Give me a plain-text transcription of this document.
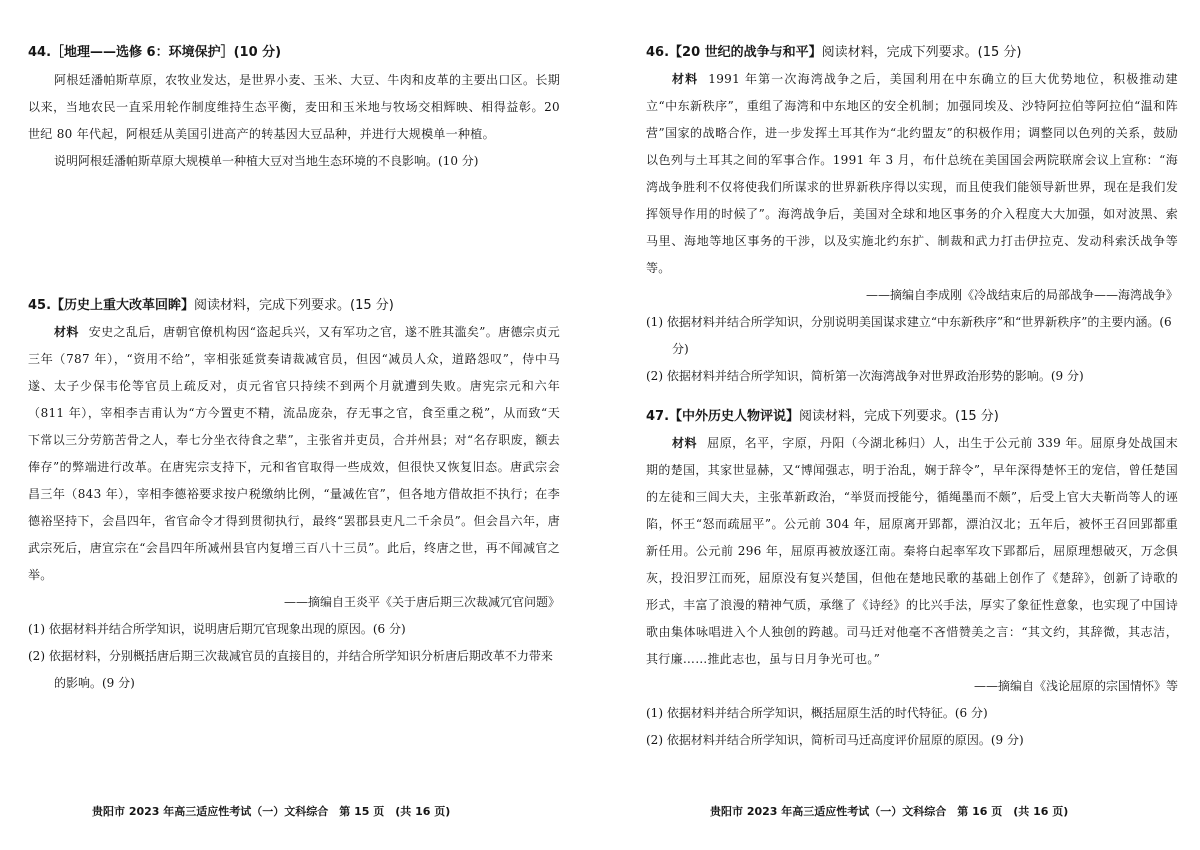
44.［地理——选修 6：环境保护］(10 分)

阿根廷潘帕斯草原，农牧业发达，是世界小麦、玉米、大豆、牛肉和皮革的主要出口区。长期以来，当地农民一直采用轮作制度维持生态平衡，麦田和玉米地与牧场交相辉映、相得益彰。20 世纪 80 年代起，阿根廷从美国引进高产的转基因大豆品种，并进行大规模单一种植。

说明阿根廷潘帕斯草原大规模单一种植大豆对当地生态环境的不良影响。(10 分)

45.【历史上重大改革回眸】阅读材料，完成下列要求。(15 分)

材料 安史之乱后，唐朝官僚机构因“盗起兵兴，又有军功之官，遂不胜其滥矣”。唐德宗贞元三年（787 年），“资用不给”，宰相张延赏奏请裁减官员，但因“减员人众，道路怨叹”，侍中马遂、太子少保韦伦等官员上疏反对，贞元省官只持续不到两个月就遭到失败。唐宪宗元和六年（811 年），宰相李吉甫认为“方今置吏不精，流品庞杂，存无事之官，食至重之税”，从而致“天下常以三分劳筋苦骨之人，奉七分坐衣待食之辈”，主张省并吏员，合并州县；对“名存职废，额去俸存”的弊端进行改革。在唐宪宗支持下，元和省官取得一些成效，但很快又恢复旧态。唐武宗会昌三年（843 年），宰相李德裕要求按户税缴纳比例，“量减佐官”，但各地方借故拒不执行；在李德裕坚持下，会昌四年，省官命令才得到贯彻执行，最终“罢郡县吏凡二千余员”。但会昌六年，唐武宗死后，唐宣宗在“会昌四年所减州县官内复增三百八十三员”。此后，终唐之世，再不闻减官之举。

——摘编自王炎平《关于唐后期三次裁减冗官问题》

(1) 依据材料并结合所学知识，说明唐后期冗官现象出现的原因。(6 分)

(2) 依据材料，分别概括唐后期三次裁减官员的直接目的，并结合所学知识分析唐后期改革不力带来的影响。(9 分)

贵阳市 2023 年高三适应性考试（一）文科综合　第 15 页　(共 16 页)
46.【20 世纪的战争与和平】阅读材料，完成下列要求。(15 分)

材料 1991 年第一次海湾战争之后，美国利用在中东确立的巨大优势地位，积极推动建立“中东新秩序”，重组了海湾和中东地区的安全机制；加强同埃及、沙特阿拉伯等阿拉伯“温和阵营”国家的战略合作，进一步发挥土耳其作为“北约盟友”的积极作用；调整同以色列的关系，鼓励以色列与土耳其之间的军事合作。1991 年 3 月，布什总统在美国国会两院联席会议上宣称：“海湾战争胜利不仅将使我们所谋求的世界新秩序得以实现，而且使我们能领导新世界，现在是我们发挥领导作用的时候了”。海湾战争后，美国对全球和地区事务的介入程度大大加强，如对波黑、索马里、海地等地区事务的干涉，以及实施北约东扩、制裁和武力打击伊拉克、发动科索沃战争等等。

——摘编自李成刚《冷战结束后的局部战争——海湾战争》

(1) 依据材料并结合所学知识，分别说明美国谋求建立“中东新秩序”和“世界新秩序”的主要内涵。(6 分)

(2) 依据材料并结合所学知识，简析第一次海湾战争对世界政治形势的影响。(9 分)

47.【中外历史人物评说】阅读材料，完成下列要求。(15 分)

材料 屈原，名平，字原，丹阳（今湖北秭归）人，出生于公元前 339 年。屈原身处战国末期的楚国，其家世显赫，又“博闻强志，明于治乱，娴于辞令”，早年深得楚怀王的宠信，曾任楚国的左徒和三闾大夫，主张革新政治，“举贤而授能兮，循绳墨而不颇”，后受上官大夫靳尚等人的诬陷，怀王“怒而疏屈平”。公元前 304 年，屈原离开郢都，漂泊汉北；五年后，被怀王召回郢都重新任用。公元前 296 年，屈原再被放逐江南。秦将白起率军攻下郢都后，屈原理想破灭，万念俱灰，投汨罗江而死，屈原没有复兴楚国，但他在楚地民歌的基础上创作了《楚辞》，创新了诗歌的形式，丰富了浪漫的精神气质，承继了《诗经》的比兴手法，厚实了象征性意象，也实现了中国诗歌由集体咏唱进入个人独创的跨越。司马迁对他毫不吝惜赞美之言：“其文约，其辞微，其志洁，其行廉……推此志也，虽与日月争光可也。”

——摘编自《浅论屈原的宗国情怀》等

(1) 依据材料并结合所学知识，概括屈原生活的时代特征。(6 分)

(2) 依据材料并结合所学知识，简析司马迁高度评价屈原的原因。(9 分)

贵阳市 2023 年高三适应性考试（一）文科综合　第 16 页　(共 16 页)
